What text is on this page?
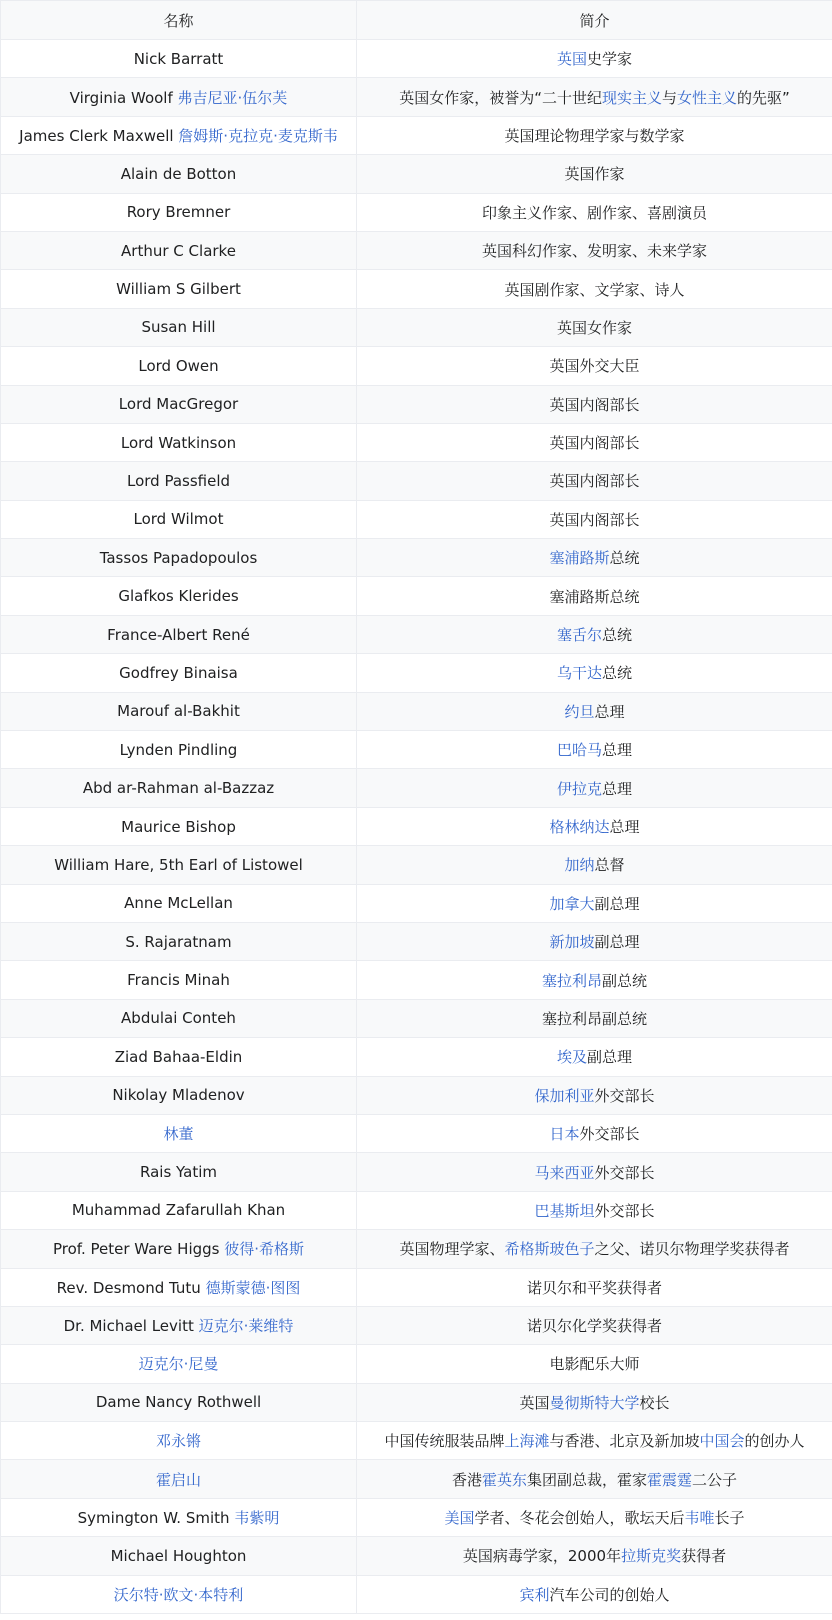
名称	简介
Nick Barratt	英国史学家
Virginia Woolf 弗吉尼亚·伍尔芙	英国女作家，被誉为“二十世纪现实主义与女性主义的先驱”
James Clerk Maxwell 詹姆斯·克拉克·麦克斯韦	英国理论物理学家与数学家
Alain de Botton	英国作家
Rory Bremner	印象主义作家、剧作家、喜剧演员
Arthur C Clarke	英国科幻作家、发明家、未来学家
William S Gilbert	英国剧作家、文学家、诗人
Susan Hill	英国女作家
Lord Owen	英国外交大臣
Lord MacGregor	英国内阁部长
Lord Watkinson	英国内阁部长
Lord Passfield	英国内阁部长
Lord Wilmot	英国内阁部长
Tassos Papadopoulos	塞浦路斯总统
Glafkos Klerides	塞浦路斯总统
France-Albert René	塞舌尔总统
Godfrey Binaisa	乌干达总统
Marouf al-Bakhit	约旦总理
Lynden Pindling	巴哈马总理
Abd ar-Rahman al-Bazzaz	伊拉克总理
Maurice Bishop	格林纳达总理
William Hare, 5th Earl of Listowel	加纳总督
Anne McLellan	加拿大副总理
S. Rajaratnam	新加坡副总理
Francis Minah	塞拉利昂副总统
Abdulai Conteh	塞拉利昂副总统
Ziad Bahaa-Eldin	埃及副总理
Nikolay Mladenov	保加利亚外交部长
林董	日本外交部长
Rais Yatim	马来西亚外交部长
Muhammad Zafarullah Khan	巴基斯坦外交部长
Prof. Peter Ware Higgs 彼得·希格斯	英国物理学家、希格斯玻色子之父、诺贝尔物理学奖获得者
Rev. Desmond Tutu 德斯蒙德·图图	诺贝尔和平奖获得者
Dr. Michael Levitt 迈克尔·莱维特	诺贝尔化学奖获得者
迈克尔·尼曼	电影配乐大师
Dame Nancy Rothwell	英国曼彻斯特大学校长
邓永锵	中国传统服装品牌上海滩与香港、北京及新加坡中国会的创办人
霍启山	香港霍英东集团副总裁，霍家霍震霆二公子
Symington W. Smith 韦紫明	美国学者、冬花会创始人，歌坛天后韦唯长子
Michael Houghton	英国病毒学家，2000年拉斯克奖获得者
沃尔特·欧文·本特利	宾利汽车公司的创始人
